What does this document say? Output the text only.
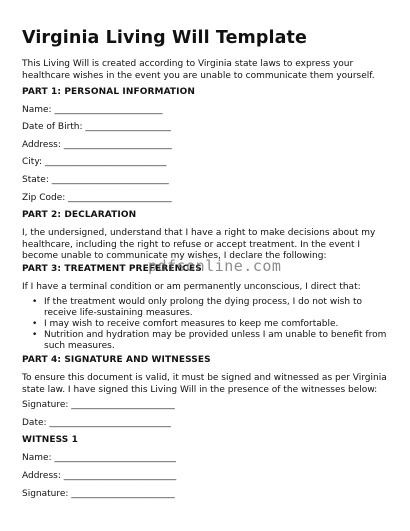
Virginia Living Will Template

This Living Will is created according to Virginia state laws to express your healthcare wishes in the event you are unable to communicate them yourself.

PART 1: PERSONAL INFORMATION
Name: ________________________
Date of Birth: ___________________
Address: ________________________
City: ___________________________
State: __________________________
Zip Code: _______________________
PART 2: DECLARATION

I, the undersigned, understand that I have a right to make decisions about my healthcare, including the right to refuse or accept treatment. In the event I become unable to communicate my wishes, I declare the following:

PART 3: TREATMENT PREFERENCES

If I have a terminal condition or am permanently unconscious, I direct that:

• If the treatment would only prolong the dying process, I do not wish to receive life-sustaining measures.
• I may wish to receive comfort measures to keep me comfortable.
• Nutrition and hydration may be provided unless I am unable to benefit from such measures.
PART 4: SIGNATURE AND WITNESSES

To ensure this document is valid, it must be signed and witnessed as per Virginia state law. I have signed this Living Will in the presence of the witnesses below:

Signature: _______________________
Date: ___________________________
WITNESS 1
Name: ___________________________
Address: _________________________
Signature: _______________________
pdfsonline.com
